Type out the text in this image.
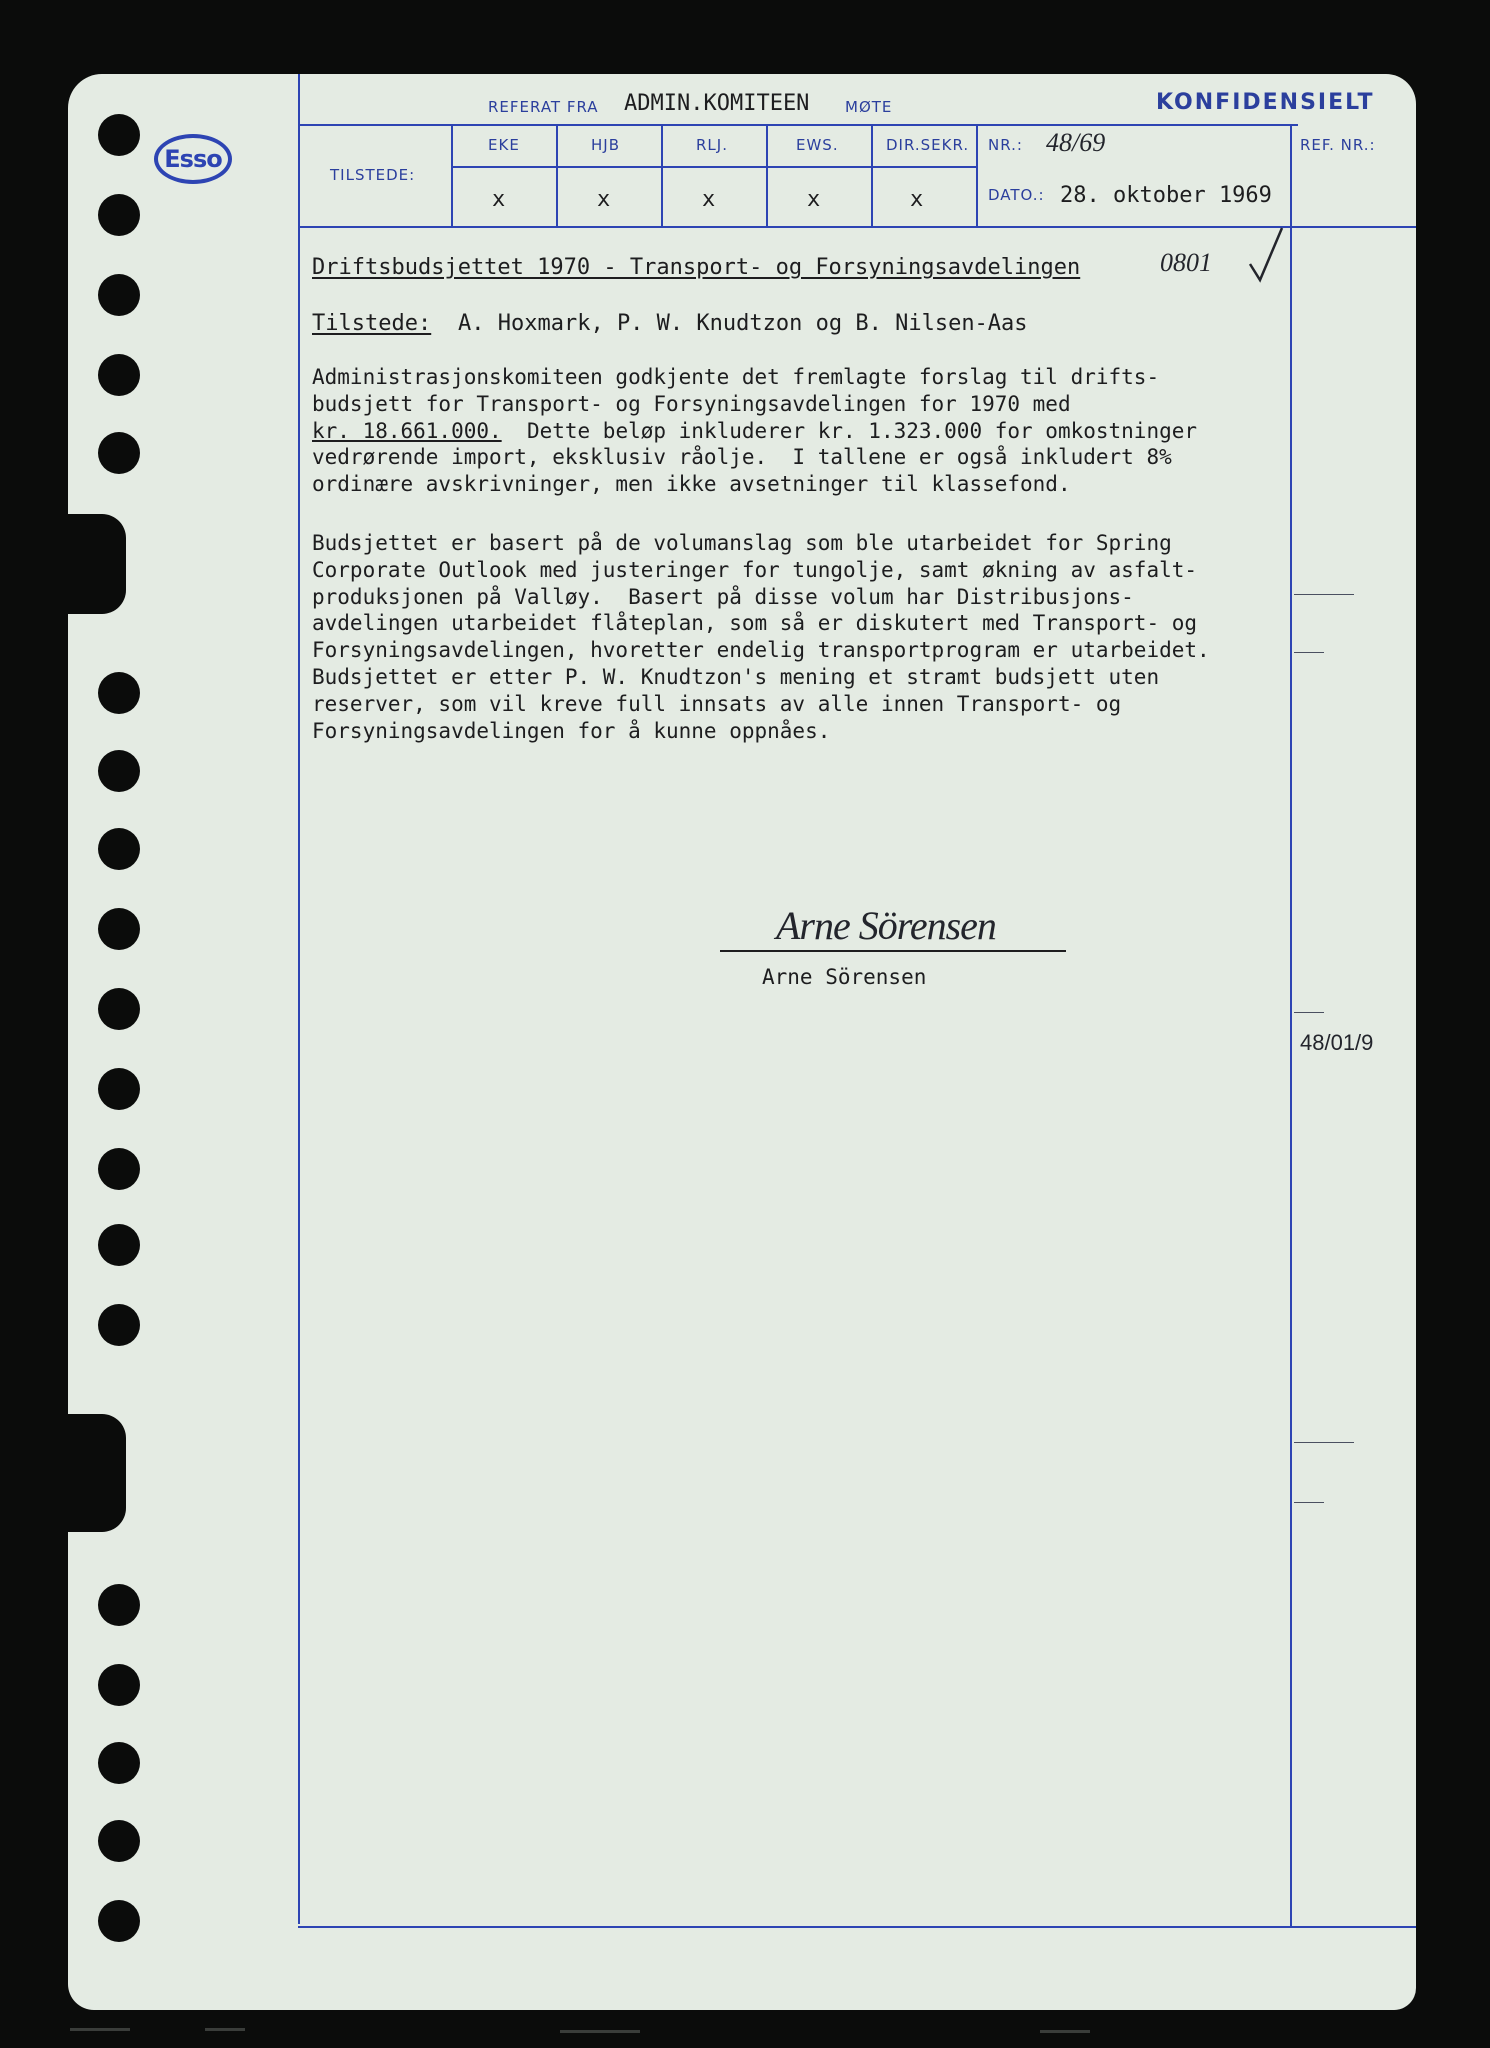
Esso
REFERAT FRA ADMIN.KOMITEEN MØTE	KONFIDENSIELT
TILSTEDE:
EKE	HJB	RLJ.	EWS.	DIR.SEKR.
x	x	x	x	x
NR.: 48/69
DATO.: 28. oktober 1969
REF. NR.:
Driftsbudsjettet 1970 - Transport- og Forsyningsavdelingen	0801
Tilstede: A. Hoxmark, P. W. Knudtzon og B. Nilsen-Aas
Administrasjonskomiteen godkjente det fremlagte forslag til drifts-
budsjett for Transport- og Forsyningsavdelingen for 1970 med
kr. 18.661.000.  Dette beløp inkluderer kr. 1.323.000 for omkostninger
vedrørende import, eksklusiv råolje.  I tallene er også inkludert 8%
ordinære avskrivninger, men ikke avsetninger til klassefond.
Budsjettet er basert på de volumanslag som ble utarbeidet for Spring
Corporate Outlook med justeringer for tungolje, samt økning av asfalt-
produksjonen på Valløy.  Basert på disse volum har Distribusjons-
avdelingen utarbeidet flåteplan, som så er diskutert med Transport- og
Forsyningsavdelingen, hvoretter endelig transportprogram er utarbeidet.
Budsjettet er etter P. W. Knudtzon's mening et stramt budsjett uten
reserver, som vil kreve full innsats av alle innen Transport- og
Forsyningsavdelingen for å kunne oppnåes.
Arne Sörensen
Arne Sörensen
48/01/9
